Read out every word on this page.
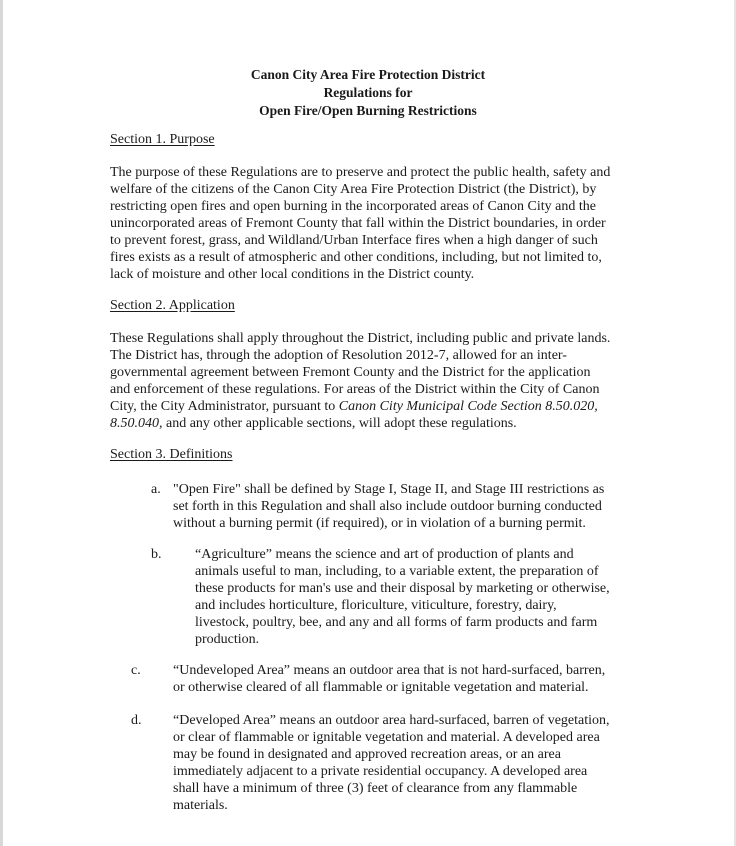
Canon City Area Fire Protection District
Regulations for
Open Fire/Open Burning Restrictions
Section 1. Purpose
The purpose of these Regulations are to preserve and protect the public health, safety and
welfare of the citizens of the Canon City Area Fire Protection District (the District), by
restricting open fires and open burning in the incorporated areas of Canon City and the
unincorporated areas of Fremont County that fall within the District boundaries, in order
to prevent forest, grass, and Wildland/Urban Interface fires when a high danger of such
fires exists as a result of atmospheric and other conditions, including, but not limited to,
lack of moisture and other local conditions in the District county.
Section 2. Application
These Regulations shall apply throughout the District, including public and private lands.
The District has, through the adoption of Resolution 2012-7, allowed for an inter-
governmental agreement between Fremont County and the District for the application
and enforcement of these regulations. For areas of the District within the City of Canon
City, the City Administrator, pursuant to Canon City Municipal Code Section 8.50.020,
8.50.040, and any other applicable sections, will adopt these regulations.
Section 3. Definitions
a. "Open Fire" shall be defined by Stage I, Stage II, and Stage III restrictions as
set forth in this Regulation and shall also include outdoor burning conducted
without a burning permit (if required), or in violation of a burning permit.
b. “Agriculture” means the science and art of production of plants and
animals useful to man, including, to a variable extent, the preparation of
these products for man's use and their disposal by marketing or otherwise,
and includes horticulture, floriculture, viticulture, forestry, dairy,
livestock, poultry, bee, and any and all forms of farm products and farm
production.
c. “Undeveloped Area” means an outdoor area that is not hard-surfaced, barren,
or otherwise cleared of all flammable or ignitable vegetation and material.
d. “Developed Area” means an outdoor area hard-surfaced, barren of vegetation,
or clear of flammable or ignitable vegetation and material. A developed area
may be found in designated and approved recreation areas, or an area
immediately adjacent to a private residential occupancy. A developed area
shall have a minimum of three (3) feet of clearance from any flammable
materials.
